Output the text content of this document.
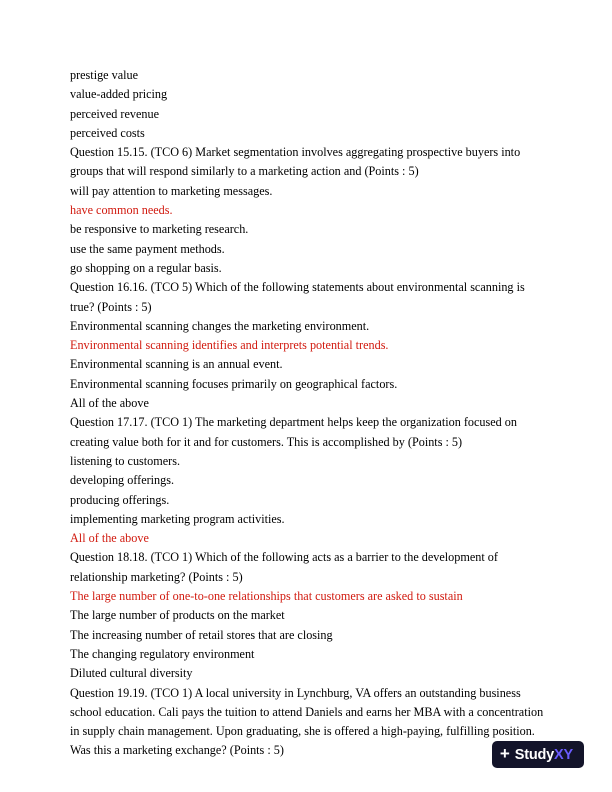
prestige value
value-added pricing
perceived revenue
perceived costs
Question 15.15. (TCO 6) Market segmentation involves aggregating prospective buyers into
groups that will respond similarly to a marketing action and (Points : 5)
will pay attention to marketing messages.
have common needs.
be responsive to marketing research.
use the same payment methods.
go shopping on a regular basis.
Question 16.16. (TCO 5) Which of the following statements about environmental scanning is
true? (Points : 5)
Environmental scanning changes the marketing environment.
Environmental scanning identifies and interprets potential trends.
Environmental scanning is an annual event.
Environmental scanning focuses primarily on geographical factors.
All of the above
Question 17.17. (TCO 1) The marketing department helps keep the organization focused on
creating value both for it and for customers. This is accomplished by (Points : 5)
listening to customers.
developing offerings.
producing offerings.
implementing marketing program activities.
All of the above
Question 18.18. (TCO 1) Which of the following acts as a barrier to the development of
relationship marketing? (Points : 5)
The large number of one-to-one relationships that customers are asked to sustain
The large number of products on the market
The increasing number of retail stores that are closing
The changing regulatory environment
Diluted cultural diversity
Question 19.19. (TCO 1) A local university in Lynchburg, VA offers an outstanding business
school education. Cali pays the tuition to attend Daniels and earns her MBA with a concentration
in supply chain management. Upon graduating, she is offered a high-paying, fulfilling position.
Was this a marketing exchange? (Points : 5)	+ StudyXY
